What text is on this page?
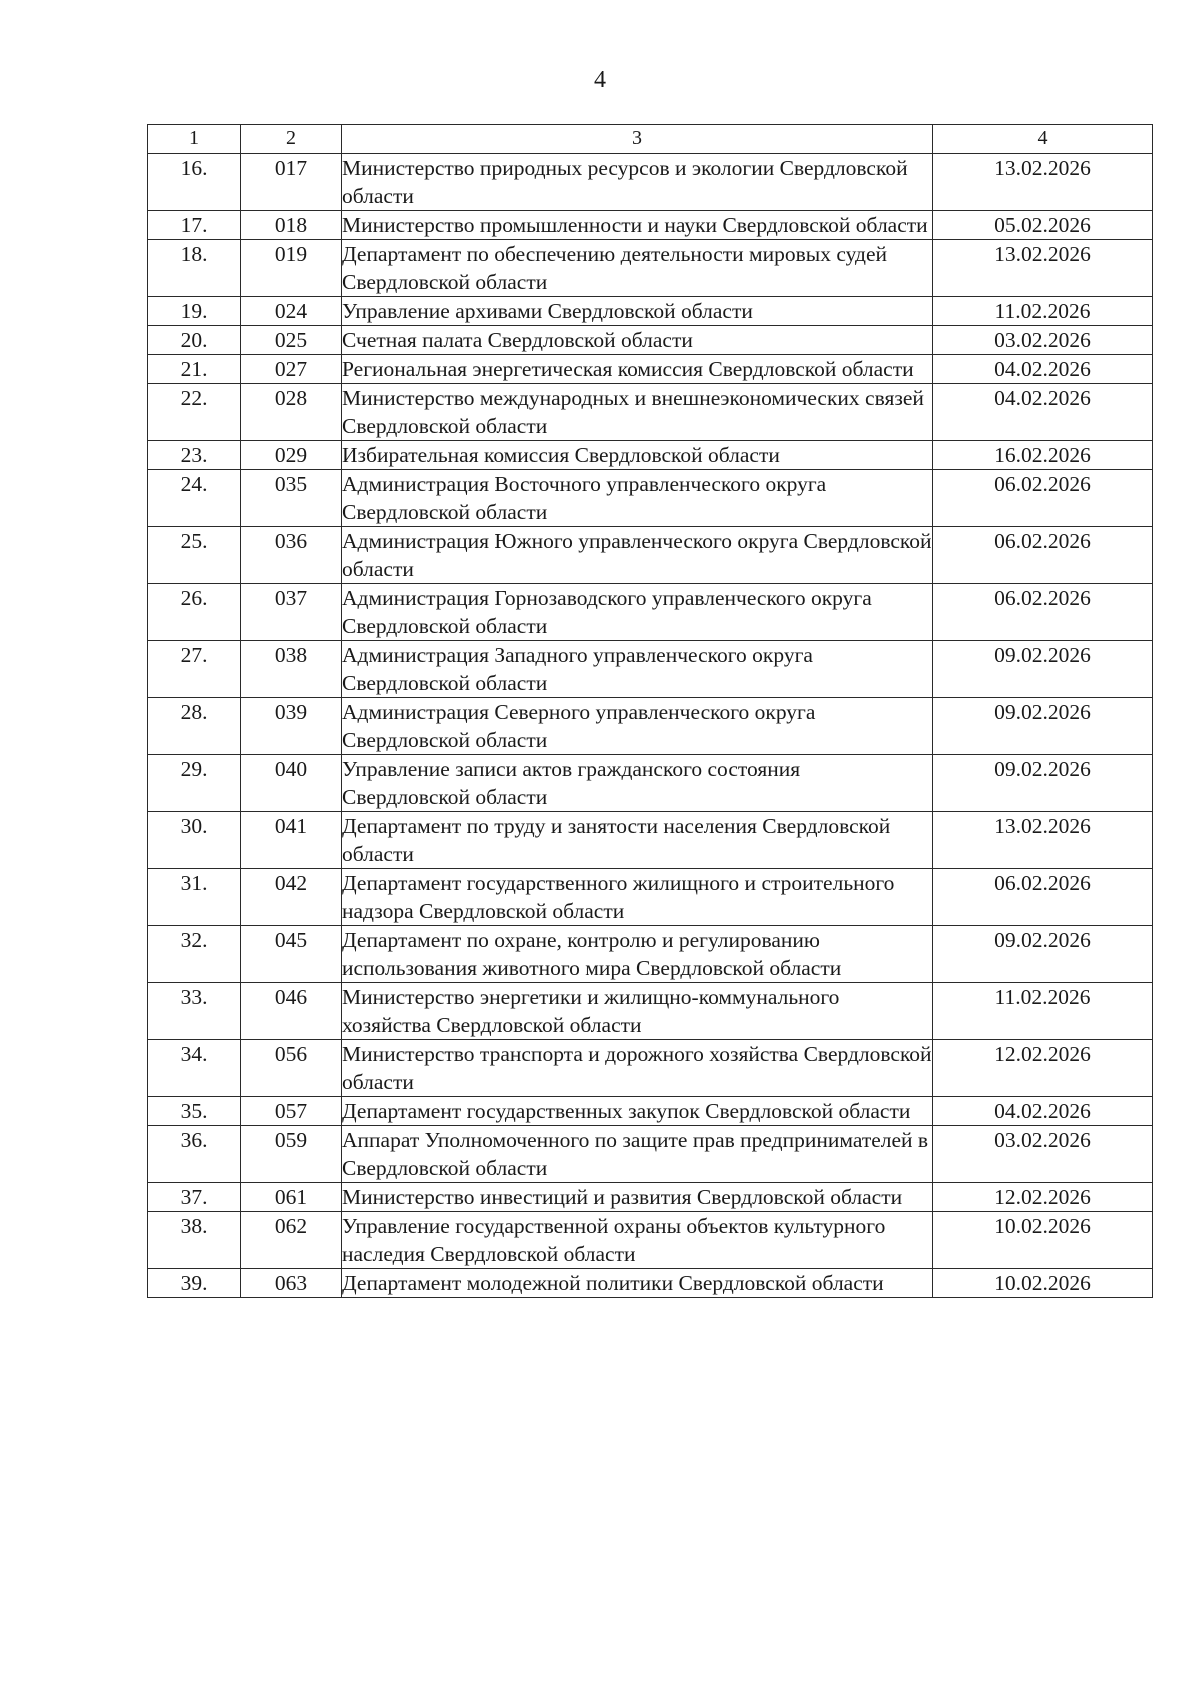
4
1	2	3	4
16.	017	Министерство природных ресурсов и экологии Свердловской области	13.02.2026
17.	018	Министерство промышленности и науки Свердловской области	05.02.2026
18.	019	Департамент по обеспечению деятельности мировых судей Свердловской области	13.02.2026
19.	024	Управление архивами Свердловской области	11.02.2026
20.	025	Счетная палата Свердловской области	03.02.2026
21.	027	Региональная энергетическая комиссия Свердловской области	04.02.2026
22.	028	Министерство международных и внешнеэкономических связей Свердловской области	04.02.2026
23.	029	Избирательная комиссия Свердловской области	16.02.2026
24.	035	Администрация Восточного управленческого округа Свердловской области	06.02.2026
25.	036	Администрация Южного управленческого округа Свердловской области	06.02.2026
26.	037	Администрация Горнозаводского управленческого округа Свердловской области	06.02.2026
27.	038	Администрация Западного управленческого округа Свердловской области	09.02.2026
28.	039	Администрация Северного управленческого округа Свердловской области	09.02.2026
29.	040	Управление записи актов гражданского состояния Свердловской области	09.02.2026
30.	041	Департамент по труду и занятости населения Свердловской области	13.02.2026
31.	042	Департамент государственного жилищного и строительного надзора Свердловской области	06.02.2026
32.	045	Департамент по охране, контролю и регулированию использования животного мира Свердловской области	09.02.2026
33.	046	Министерство энергетики и жилищно-коммунального хозяйства Свердловской области	11.02.2026
34.	056	Министерство транспорта и дорожного хозяйства Свердловской области	12.02.2026
35.	057	Департамент государственных закупок Свердловской области	04.02.2026
36.	059	Аппарат Уполномоченного по защите прав предпринимателей в Свердловской области	03.02.2026
37.	061	Министерство инвестиций и развития Свердловской области	12.02.2026
38.	062	Управление государственной охраны объектов культурного наследия Свердловской области	10.02.2026
39.	063	Департамент молодежной политики Свердловской области	10.02.2026
